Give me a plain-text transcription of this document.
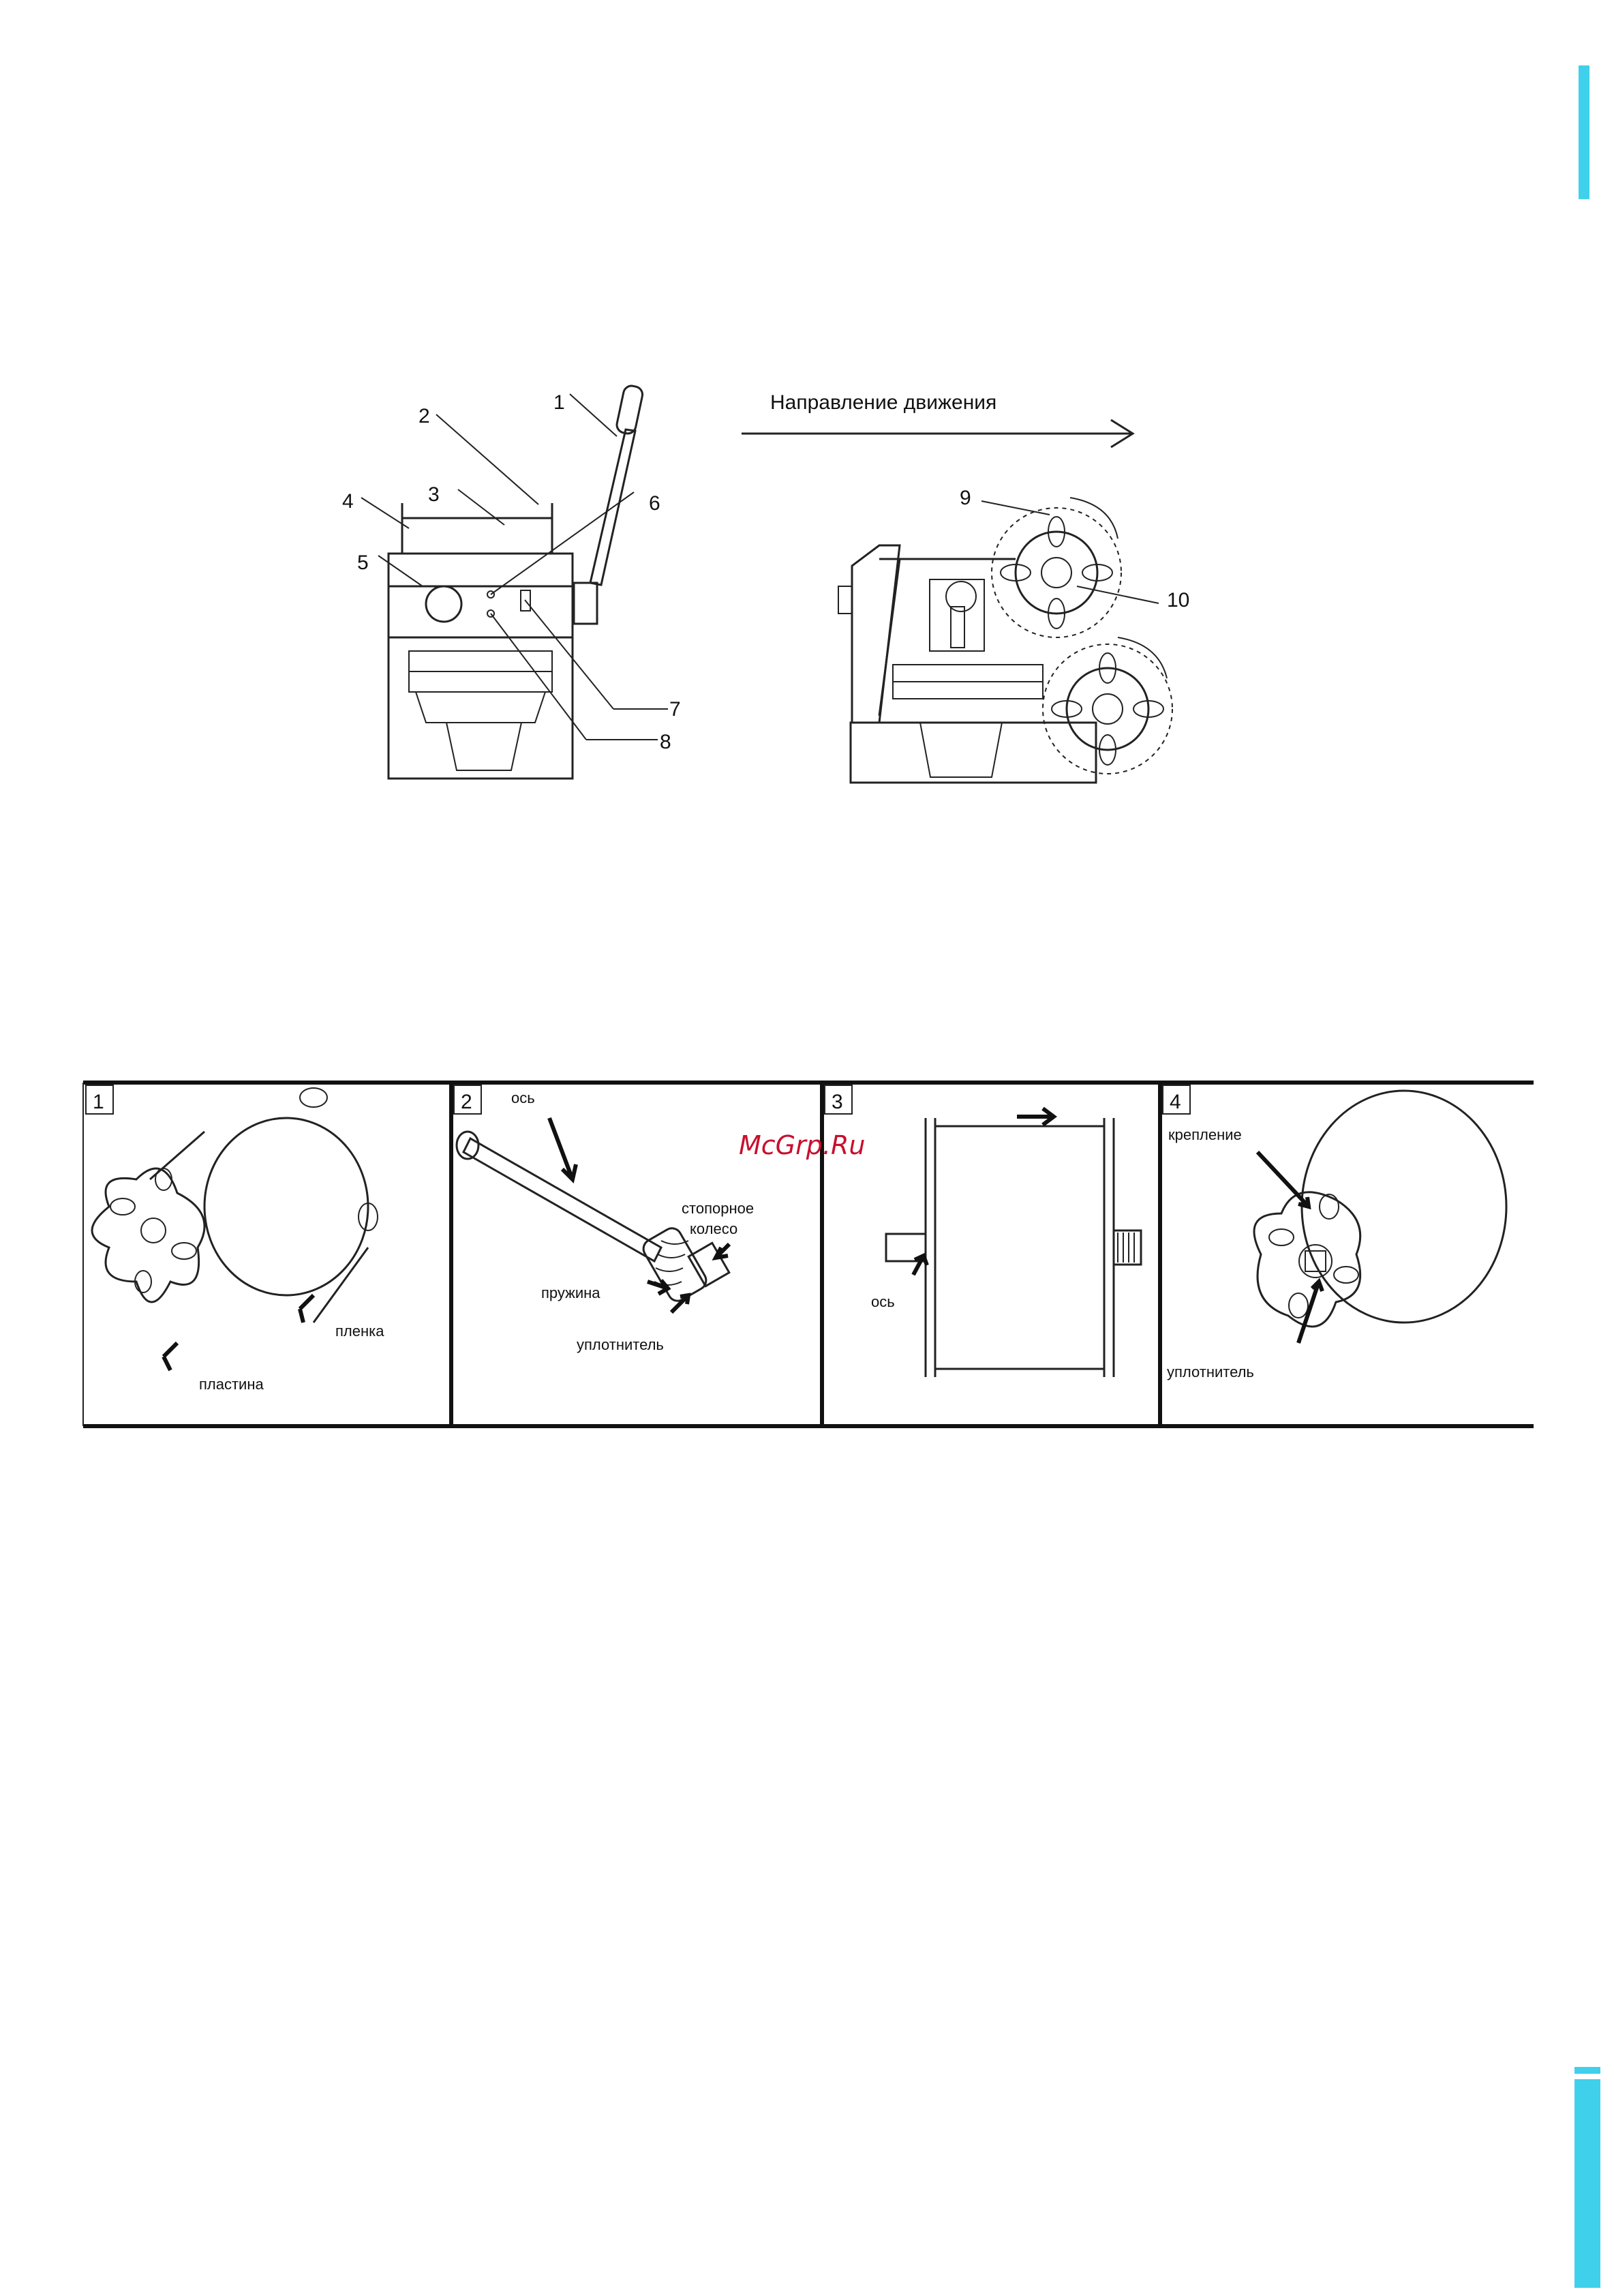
Направление движения
1
2
3
4
5
6
7
8
9
10
1	2	3	4
пленка
пластина
ось
стопорное
колесо
пружина
уплотнитель
ось
крепление
уплотнитель
McGrp.Ru
